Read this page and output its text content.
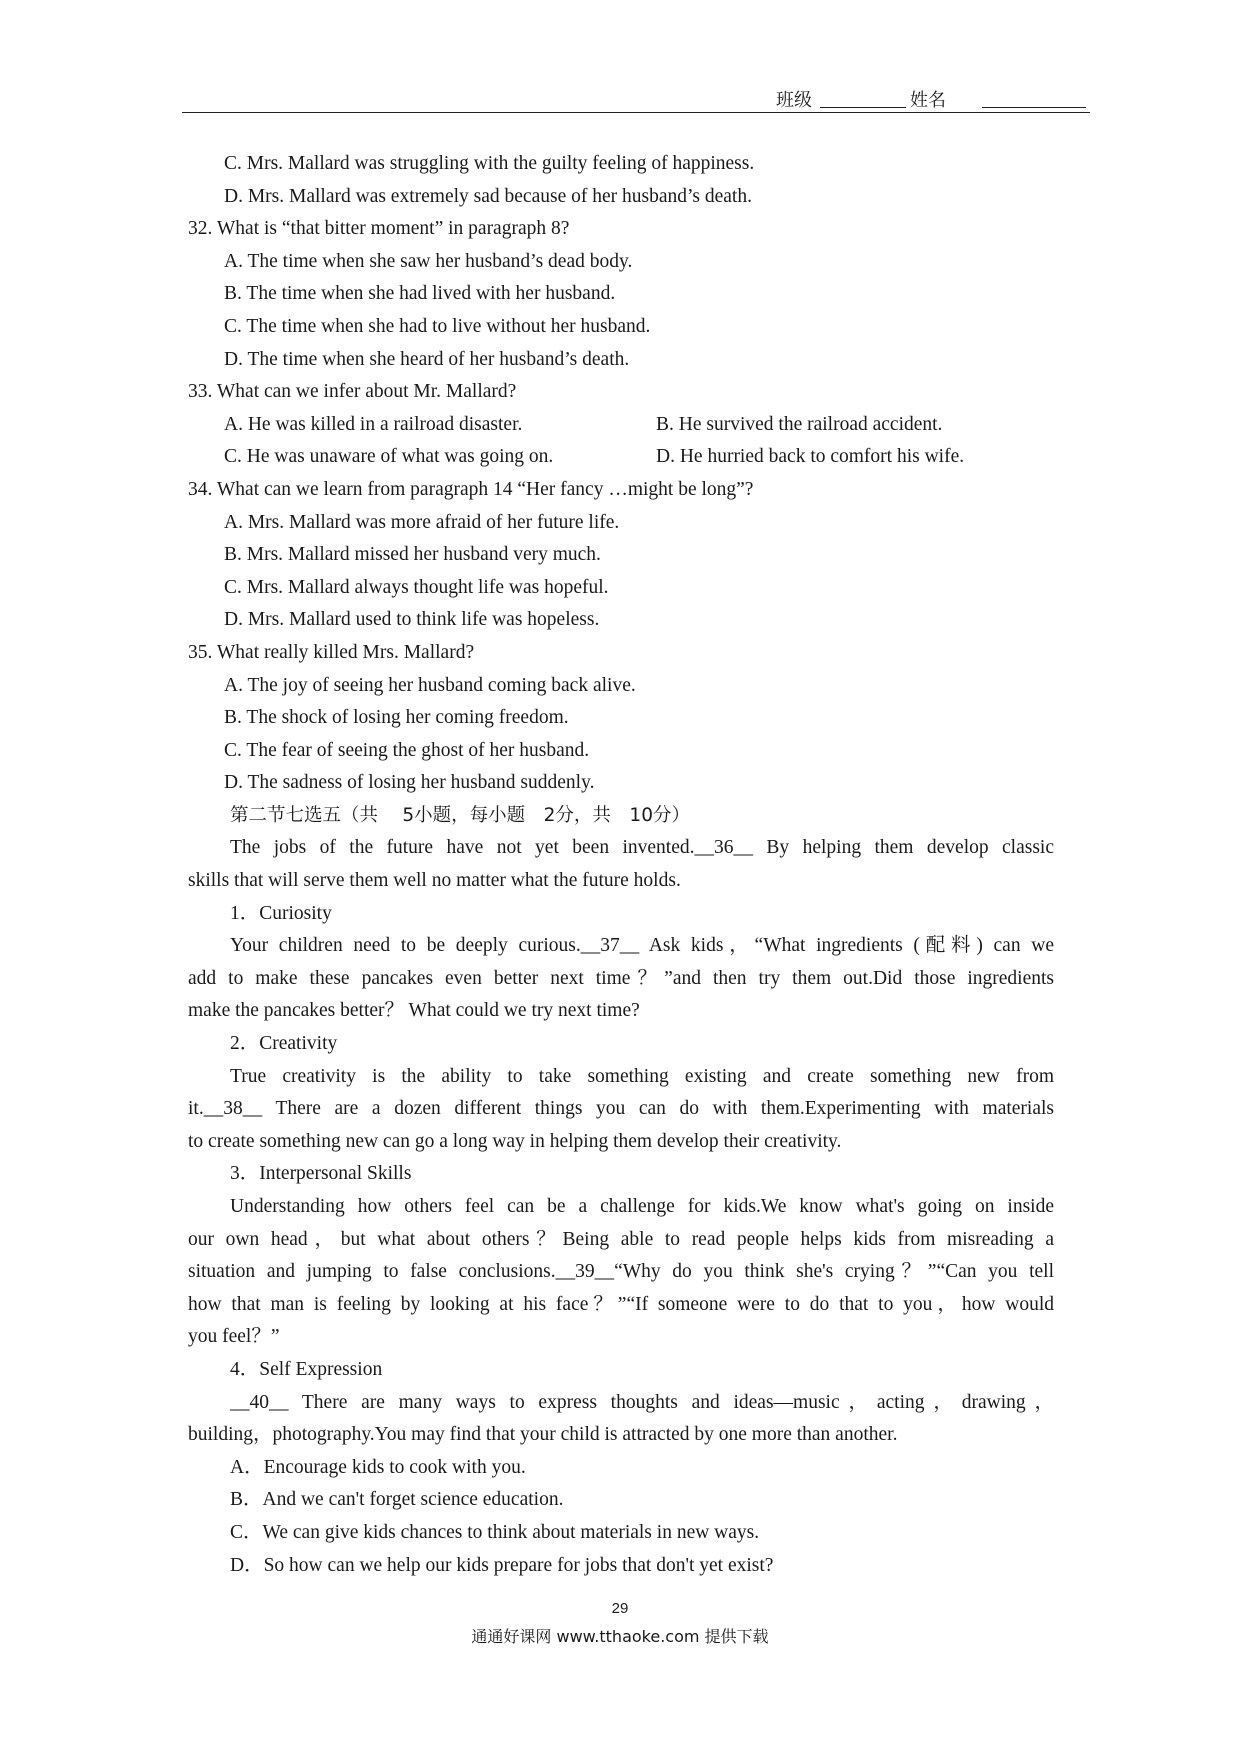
班级	姓名
C. Mrs. Mallard was struggling with the guilty feeling of happiness.
D. Mrs. Mallard was extremely sad because of her husband’s death.
32. What is “that bitter moment” in paragraph 8?
A. The time when she saw her husband’s dead body.
B. The time when she had lived with her husband.
C. The time when she had to live without her husband.
D. The time when she heard of her husband’s death.
33. What can we infer about Mr. Mallard?
A. He was killed in a railroad disaster.	B. He survived the railroad accident.
C. He was unaware of what was going on.	D. He hurried back to comfort his wife.
34. What can we learn from paragraph 14 “Her fancy …might be long”?
A. Mrs. Mallard was more afraid of her future life.
B. Mrs. Mallard missed her husband very much.
C. Mrs. Mallard always thought life was hopeful.
D. Mrs. Mallard used to think life was hopeless.
35. What really killed Mrs. Mallard?
A. The joy of seeing her husband coming back alive.
B. The shock of losing her coming freedom.
C. The fear of seeing the ghost of her husband.
D. The sadness of losing her husband suddenly.
第二节七选五（共　 5小题，每小题　2分，共　10分）
The jobs of the future have not yet been invented.__36__ By helping them develop classic
skills that will serve them well no matter what the future holds.
1．Curiosity
Your children need to be deeply curious.__37__ Ask kids，“What ingredients (配料) can we
add to make these pancakes even better next time？”and then try them out.Did those ingredients
make the pancakes better？ What could we try next time?
2．Creativity
True creativity is the ability to take something existing and create something new from
it.__38__ There are a dozen different things you can do with them.Experimenting with materials
to create something new can go a long way in helping them develop their creativity.
3．Interpersonal Skills
Understanding how others feel can be a challenge for kids.We know what's going on inside
our own head，but what about others？Being able to read people helps kids from misreading a
situation and jumping to false conclusions.__39__“Why do you think she's crying？”“Can you tell
how that man is feeling by looking at his face？”“If someone were to do that to you，how would
you feel？”
4．Self Expression
__40__ There are many ways to express thoughts and ideas—music，acting，drawing，
building，photography.You may find that your child is attracted by one more than another.
A．Encourage kids to cook with you.
B．And we can't forget science education.
C．We can give kids chances to think about materials in new ways.
D．So how can we help our kids prepare for jobs that don't yet exist?
29
通通好课网 www.tthaoke.com 提供下载
